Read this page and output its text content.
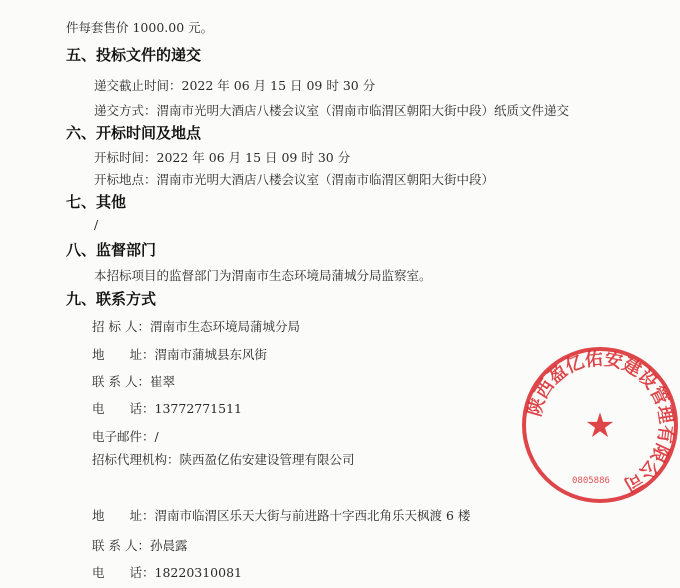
件每套售价 1000.00 元。
五、投标文件的递交
递交截止时间：2022 年 06 月 15 日 09 时 30 分
递交方式：渭南市光明大酒店八楼会议室（渭南市临渭区朝阳大街中段）纸质文件递交
六、开标时间及地点
开标时间：2022 年 06 月 15 日 09 时 30 分
开标地点：渭南市光明大酒店八楼会议室（渭南市临渭区朝阳大街中段）
七、其他
/
八、监督部门
本招标项目的监督部门为渭南市生态环境局蒲城分局监察室。
九、联系方式
招 标 人：渭南市生态环境局蒲城分局
地　　址：渭南市蒲城县东风街
联 系 人：崔翠
电　　话：13772771511
电子邮件：/
招标代理机构：陕西盈亿佑安建设管理有限公司
地　　址：渭南市临渭区乐天大街与前进路十字西北角乐天枫渡 6 楼
联 系 人：孙晨露
电　　话：18220310081
陕西盈亿佑安建设管理有限公司
★
0805886
